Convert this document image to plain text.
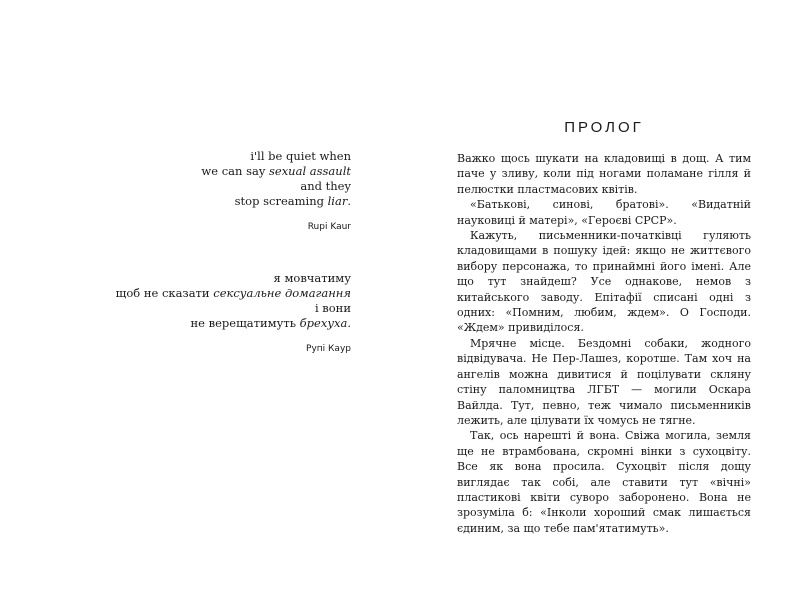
i'll be quiet when
we can say sexual assault
and they
stop screaming liar.
Rupi Kaur
я мовчатиму
щоб не сказати сексуальне домагання
і вони
не верещатимуть брехуха.
Рупі Каур
ПРОЛОГ

Важко щось шукати на кладовищі в дощ. А тим паче у зливу, коли під ногами поламане гілля й пелюстки пластмасових квітів.

«Батькові, синові, братові». «Видатній науковиці й матері», «Героєві СРСР».

Кажуть, письменники-початківці гуляють кладовищами в пошуку ідей: якщо не життєвого вибору персонажа, то принаймні його імені. Але що тут знайдеш? Усе однакове, немов з китайського заводу. Епітафії списані одні з одних: «Помним, любим, ждем». О Господи. «Ждем» привиділося.

Мрячне місце. Бездомні собаки, жодного відвідувача. Не Пер-Лашез, коротше. Там хоч на ангелів можна дивитися й поцілувати скляну стіну паломництва ЛГБТ — могили Оскара Вайлда. Тут, певно, теж чимало письменників лежить, але цілувати їх чомусь не тягне.

Так, ось нарешті й вона. Свіжа могила, земля ще не втрамбована, скромні вінки з сухоцвіту. Все як вона просила. Сухоцвіт після дощу виглядає так собі, але ставити тут «вічні» пластикові квіти суворо заборонено. Вона не зрозуміла б: «Інколи хороший смак лишається єдиним, за що тебе пам'ятатимуть».
